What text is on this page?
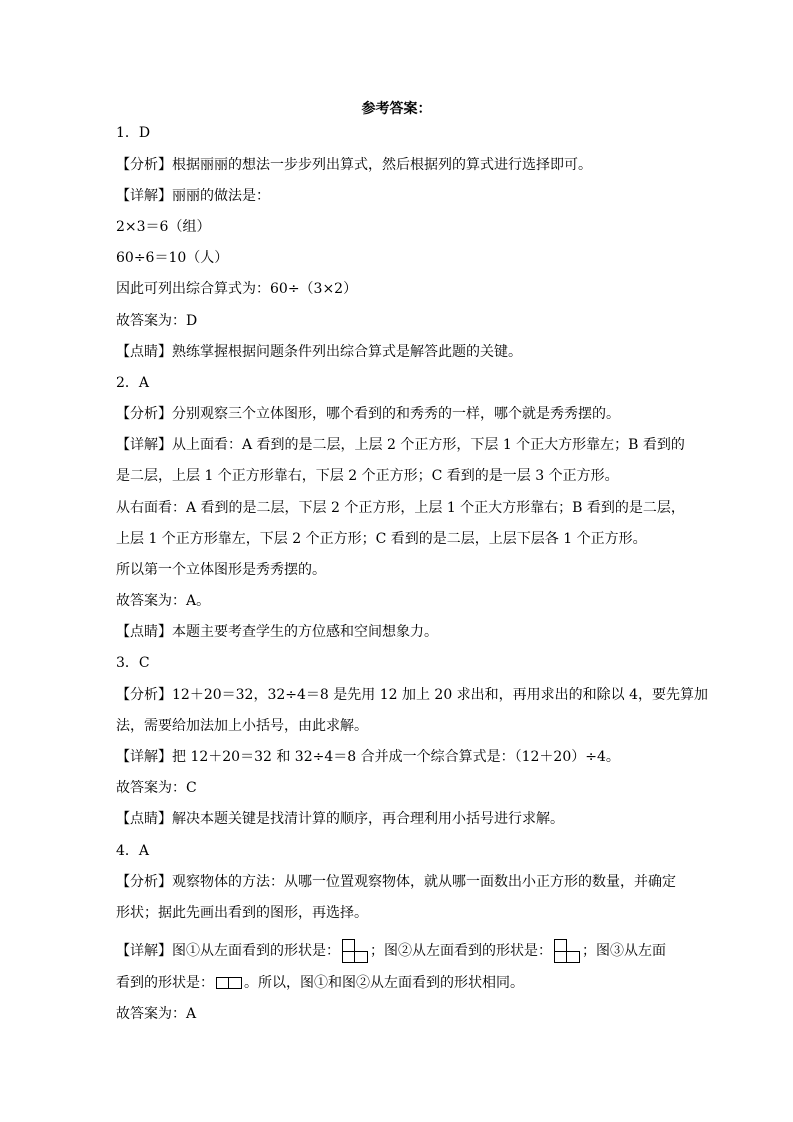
参考答案：
1．D
【分析】根据丽丽的想法一步步列出算式，然后根据列的算式进行选择即可。
【详解】丽丽的做法是：
2×3＝6（组）
60÷6＝10（人）
因此可列出综合算式为：60÷（3×2）
故答案为：D
【点睛】熟练掌握根据问题条件列出综合算式是解答此题的关键。
2．A
【分析】分别观察三个立体图形，哪个看到的和秀秀的一样，哪个就是秀秀摆的。
【详解】从上面看：A 看到的是二层，上层 2 个正方形，下层 1 个正大方形靠左；B 看到的
是二层，上层 1 个正方形靠右，下层 2 个正方形；C 看到的是一层 3 个正方形。
从右面看：A 看到的是二层，下层 2 个正方形，上层 1 个正大方形靠右；B 看到的是二层，
上层 1 个正方形靠左，下层 2 个正方形；C 看到的是二层，上层下层各 1 个正方形。
所以第一个立体图形是秀秀摆的。
故答案为：A。
【点睛】本题主要考查学生的方位感和空间想象力。
3．C
【分析】12＋20＝32，32÷4＝8 是先用 12 加上 20 求出和，再用求出的和除以 4，要先算加
法，需要给加法加上小括号，由此求解。
【详解】把 12＋20＝32 和 32÷4＝8 合并成一个综合算式是：（12＋20）÷4。
故答案为：C
【点睛】解决本题关键是找清计算的顺序，再合理利用小括号进行求解。
4．A
【分析】观察物体的方法：从哪一位置观察物体，就从哪一面数出小正方形的数量，并确定
形状；据此先画出看到的图形，再选择。
【详解】图①从左面看到的形状是： ；图②从左面看到的形状是： ；图③从左面
看到的形状是： 。所以，图①和图②从左面看到的形状相同。
故答案为：A
